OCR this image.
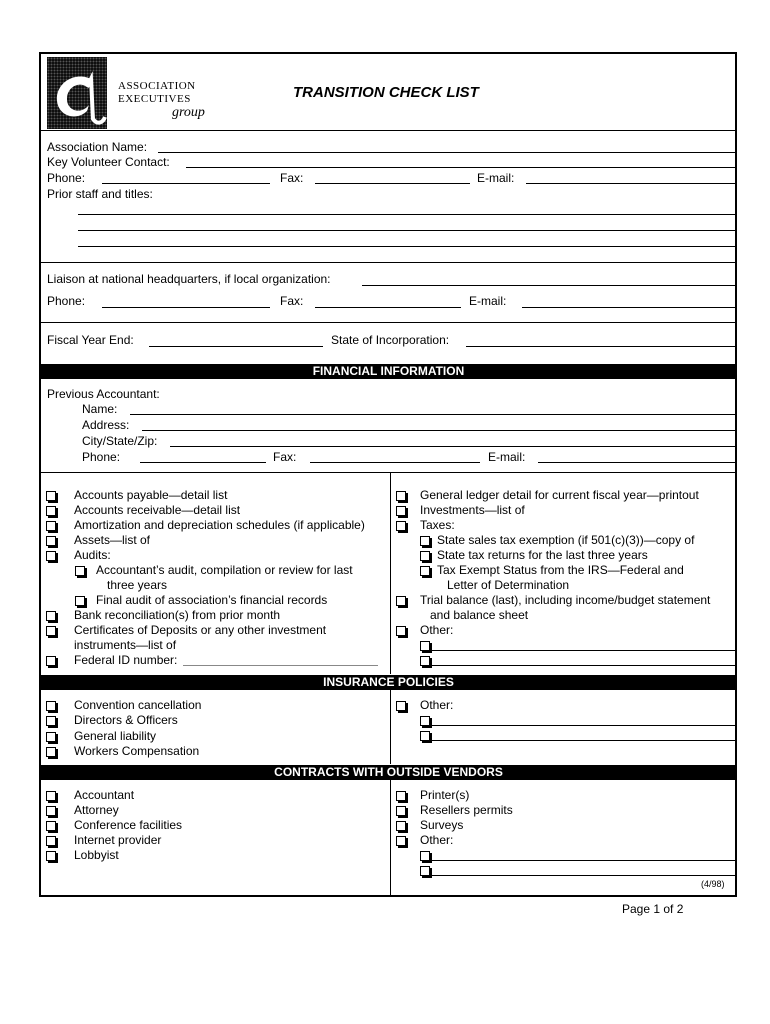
ASSOCIATION
EXECUTIVES
group
TRANSITION CHECK LIST
Association Name:
Key Volunteer Contact:
Phone:	Fax:	E-mail:
Prior staff and titles:
Liaison at national headquarters, if local organization:
Phone:	Fax:	E-mail:
Fiscal Year End:	State of Incorporation:
FINANCIAL INFORMATION
Previous Accountant:
Name:
Address:
City/State/Zip:
Phone:	Fax:	E-mail:
Accounts payable—detail list
Accounts receivable—detail list
Amortization and depreciation schedules (if applicable)
Assets—list of
Audits:
Accountant’s audit, compilation or review for last
three years
Final audit of association’s financial records
Bank reconciliation(s) from prior month
Certificates of Deposits or any other investment
instruments—list of
Federal ID number:
General ledger detail for current fiscal year—printout
Investments—list of
Taxes:
State sales tax exemption (if 501(c)(3))—copy of
State tax returns for the last three years
Tax Exempt Status from the IRS—Federal and
Letter of Determination
Trial balance (last), including income/budget statement
and balance sheet
Other:
INSURANCE POLICIES
Convention cancellation
Directors & Officers
General liability
Workers Compensation
Other:
CONTRACTS WITH OUTSIDE VENDORS
Accountant
Attorney
Conference facilities
Internet provider
Lobbyist
Printer(s)
Resellers permits
Surveys
Other:
(4/98)
Page 1 of 2
